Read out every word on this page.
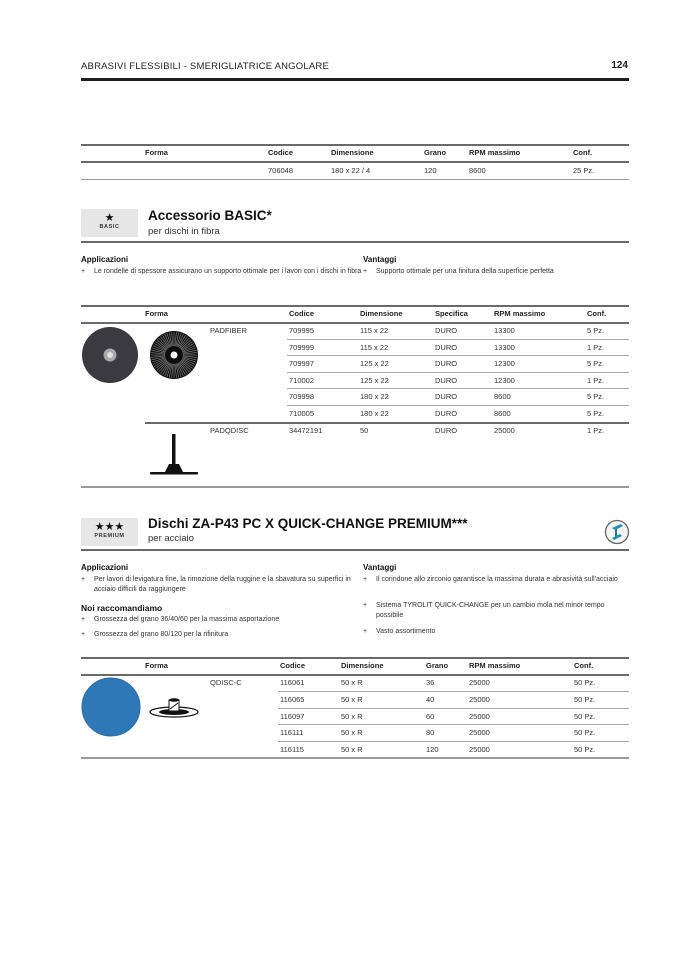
ABRASIVI FLESSIBILI - SMERIGLIATRICE ANGOLARE	124
Forma	Codice	Dimensione	Grano	RPM massimo	Conf.
706048	180 x 22 / 4	120	8600	25 Pz.
★
BASIC
Accessorio BASIC*
per dischi in fibra
Applicazioni
+ Le rondelle di spessore assicurano un supporto ottimale per i lavori con i dischi in fibra
Vantaggi
+ Supporto ottimale per una finitura della superficie perfetta
Forma	Codice	Dimensione	Specifica	RPM massimo	Conf.
PADFIBER	709995	115 x 22	DURO	13300	5 Pz.
709999	115 x 22	DURO	13300	1 Pz.
709997	125 x 22	DURO	12300	5 Pz.
710002	125 x 22	DURO	12300	1 Pz.
709998	180 x 22	DURO	8600	5 Pz.
710005	180 x 22	DURO	8600	5 Pz.
PADQDISC	34472191	50	DURO	25000	1 Pz.
★★★
PREMIUM
Dischi ZA-P43 PC X QUICK-CHANGE PREMIUM***
per acciaio
Applicazioni
+ Per lavori di levigatura fine, la rimozione della ruggine e la sbavatura su superfici in acciaio difficili da raggiungere
Noi raccomandiamo
+ Grossezza del grano 36/40/60 per la massima asportazione
+ Grossezza del grano 80/120 per la rifinitura
Vantaggi
+ Il corindone allo zirconio garantisce la massima durata e abrasività sull'acciaio
+ Sistema TYROLIT QUICK-CHANGE per un cambio mola nel minor tempo possibile
+ Vasto assortimento
Forma	Codice	Dimensione	Grano	RPM massimo	Conf.
QDISC-C	116061	50 x R	36	25000	50 Pz.
116065	50 x R	40	25000	50 Pz.
116097	50 x R	60	25000	50 Pz.
116111	50 x R	80	25000	50 Pz.
116115	50 x R	120	25000	50 Pz.
